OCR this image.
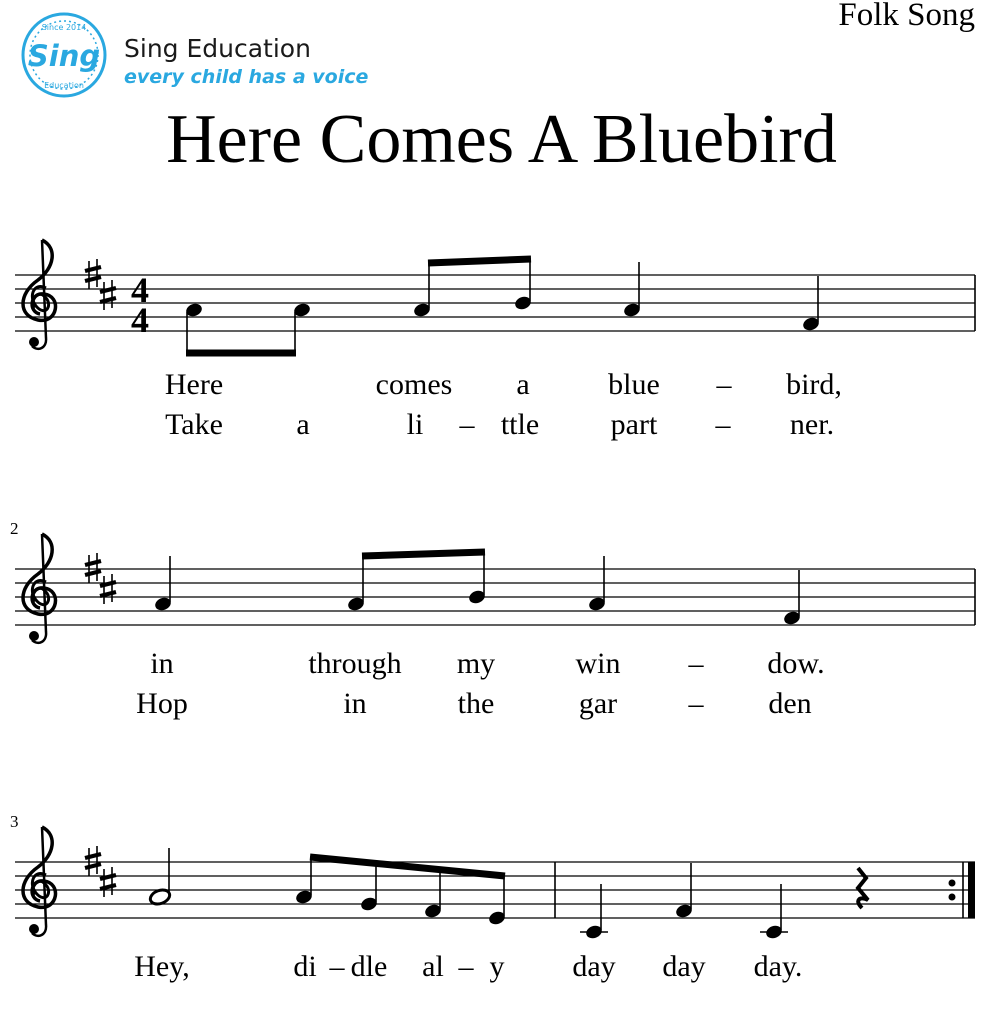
Sing
Since 2014
Education
Sing Education
every child has a voice
Folk Song
Here Comes A Bluebird
4
4
2
3
Here	comes a	blue – bird,
Take a	li – ttle part – ner.
in	through my	win – dow.
Hop	in	the	gar – den
Hey,	di – dle al – y day day day.
